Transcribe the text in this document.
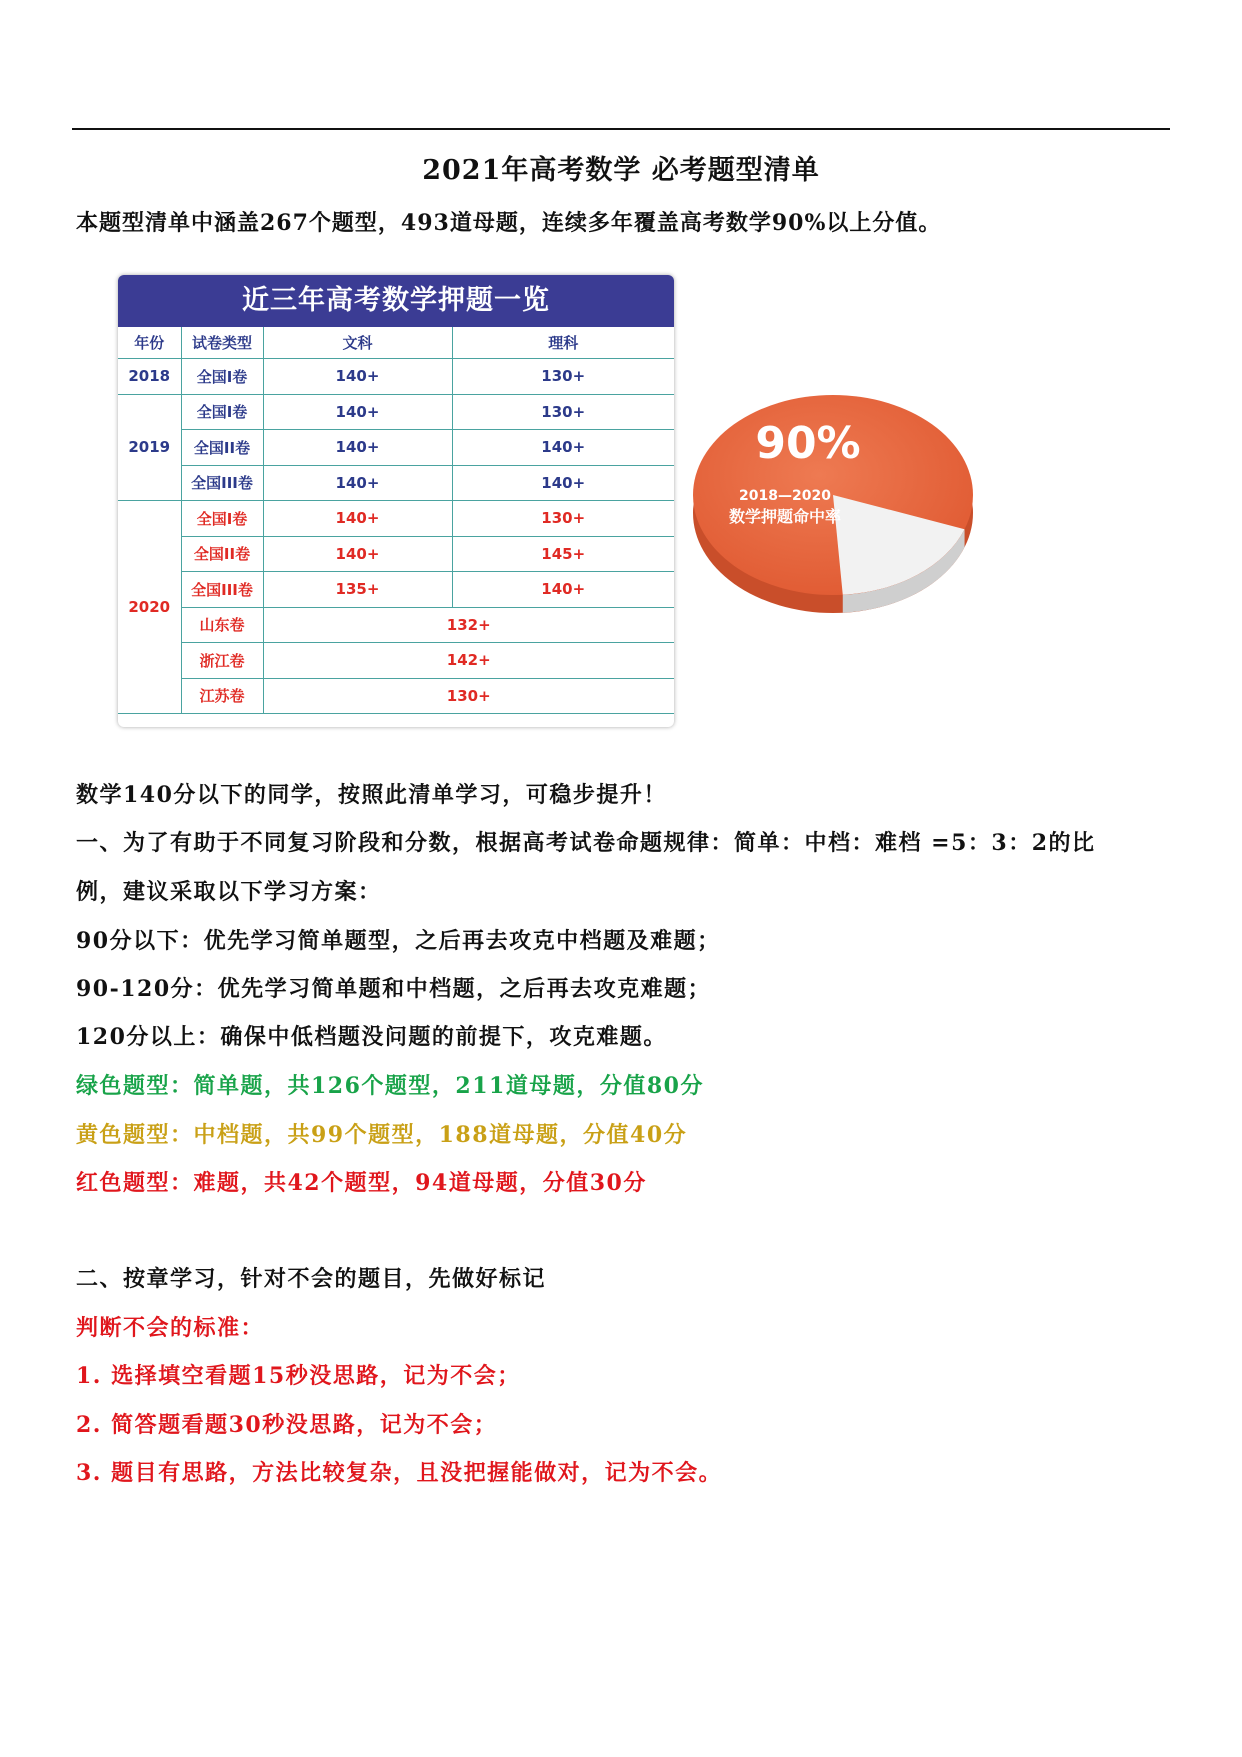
2021年高考数学 必考题型清单
本题型清单中涵盖267个题型，493道母题，连续多年覆盖高考数学90%以上分值。
近三年高考数学押题一览
年份	试卷类型	文科	理科
2018	全国I卷	140+	130+
2019	全国I卷	140+	130+
	全国II卷	140+	140+
	全国III卷	140+	140+
2020	全国I卷	140+	130+
	全国II卷	140+	145+
	全国III卷	135+	140+
	山东卷	132+	
	浙江卷	142+	
	江苏卷	130+	
90%
2018—2020
数学押题命中率
数学140分以下的同学，按照此清单学习，可稳步提升！
一、为了有助于不同复习阶段和分数，根据高考试卷命题规律：简单：中档：难档 =5：3：2的比
例，建议采取以下学习方案：
90分以下：优先学习简单题型，之后再去攻克中档题及难题；
90-120分：优先学习简单题和中档题，之后再去攻克难题；
120分以上：确保中低档题没问题的前提下，攻克难题。
绿色题型：简单题，共126个题型，211道母题，分值80分
黄色题型：中档题，共99个题型，188道母题，分值40分
红色题型：难题，共42个题型，94道母题，分值30分
二、按章学习，针对不会的题目，先做好标记
判断不会的标准：
1. 选择填空看题15秒没思路，记为不会；
2. 简答题看题30秒没思路，记为不会；
3. 题目有思路，方法比较复杂，且没把握能做对，记为不会。
